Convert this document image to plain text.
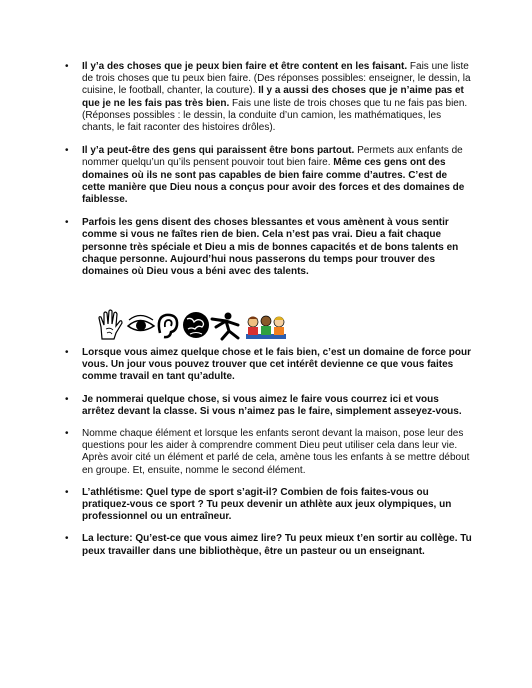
• Il y’a des choses que je peux bien faire et être content en les faisant. Fais une liste de trois choses que tu peux bien faire. (Des réponses possibles: enseigner, le dessin, la cuisine, le football, chanter, la couture). Il y a aussi des choses que je n’aime pas et que je ne les fais pas très bien. Fais une liste de trois choses que tu ne fais pas bien. (Réponses possibles : le dessin, la conduite d’un camion, les mathématiques, les chants, le fait raconter des histoires drôles).
• Il y’a peut-être des gens qui paraissent être bons partout. Permets aux enfants de nommer quelqu’un qu’ils pensent pouvoir tout bien faire. Même ces gens ont des domaines où ils ne sont pas capables de bien faire comme d’autres. C’est de cette manière que Dieu nous a conçus pour avoir des forces et des domaines de faiblesse.
• Parfois les gens disent des choses blessantes et vous amènent à vous sentir comme si vous ne faîtes rien de bien. Cela n’est pas vrai. Dieu a fait chaque personne très spéciale et Dieu a mis de bonnes capacités et de bons talents en chaque personne. Aujourd’hui nous passerons du temps pour trouver des domaines où Dieu vous a béni avec des talents.
• Lorsque vous aimez quelque chose et le fais bien, c’est un domaine de force pour vous. Un jour vous pouvez trouver que cet intérêt devienne ce que vous faites comme travail en tant qu’adulte.
• Je nommerai quelque chose, si vous aimez le faire vous courrez ici et vous arrêtez devant la classe. Si vous n’aimez pas le faire, simplement asseyez-vous.
• Nomme chaque élément et lorsque les enfants seront devant la maison, pose leur des questions pour les aider à comprendre comment Dieu peut utiliser cela dans leur vie. Après avoir cité un élément et parlé de cela, amène tous les enfants à se mettre débout en groupe. Et, ensuite, nomme le second élément.
• L’athlétisme: Quel type de sport s’agit-il? Combien de fois faites-vous ou pratiquez-vous ce sport ? Tu peux devenir un athlète aux jeux olympiques, un professionnel ou un entraîneur.
• La lecture: Qu’est-ce que vous aimez lire? Tu peux mieux t’en sortir au collège. Tu peux travailler dans une bibliothèque, être un pasteur ou un enseignant.
